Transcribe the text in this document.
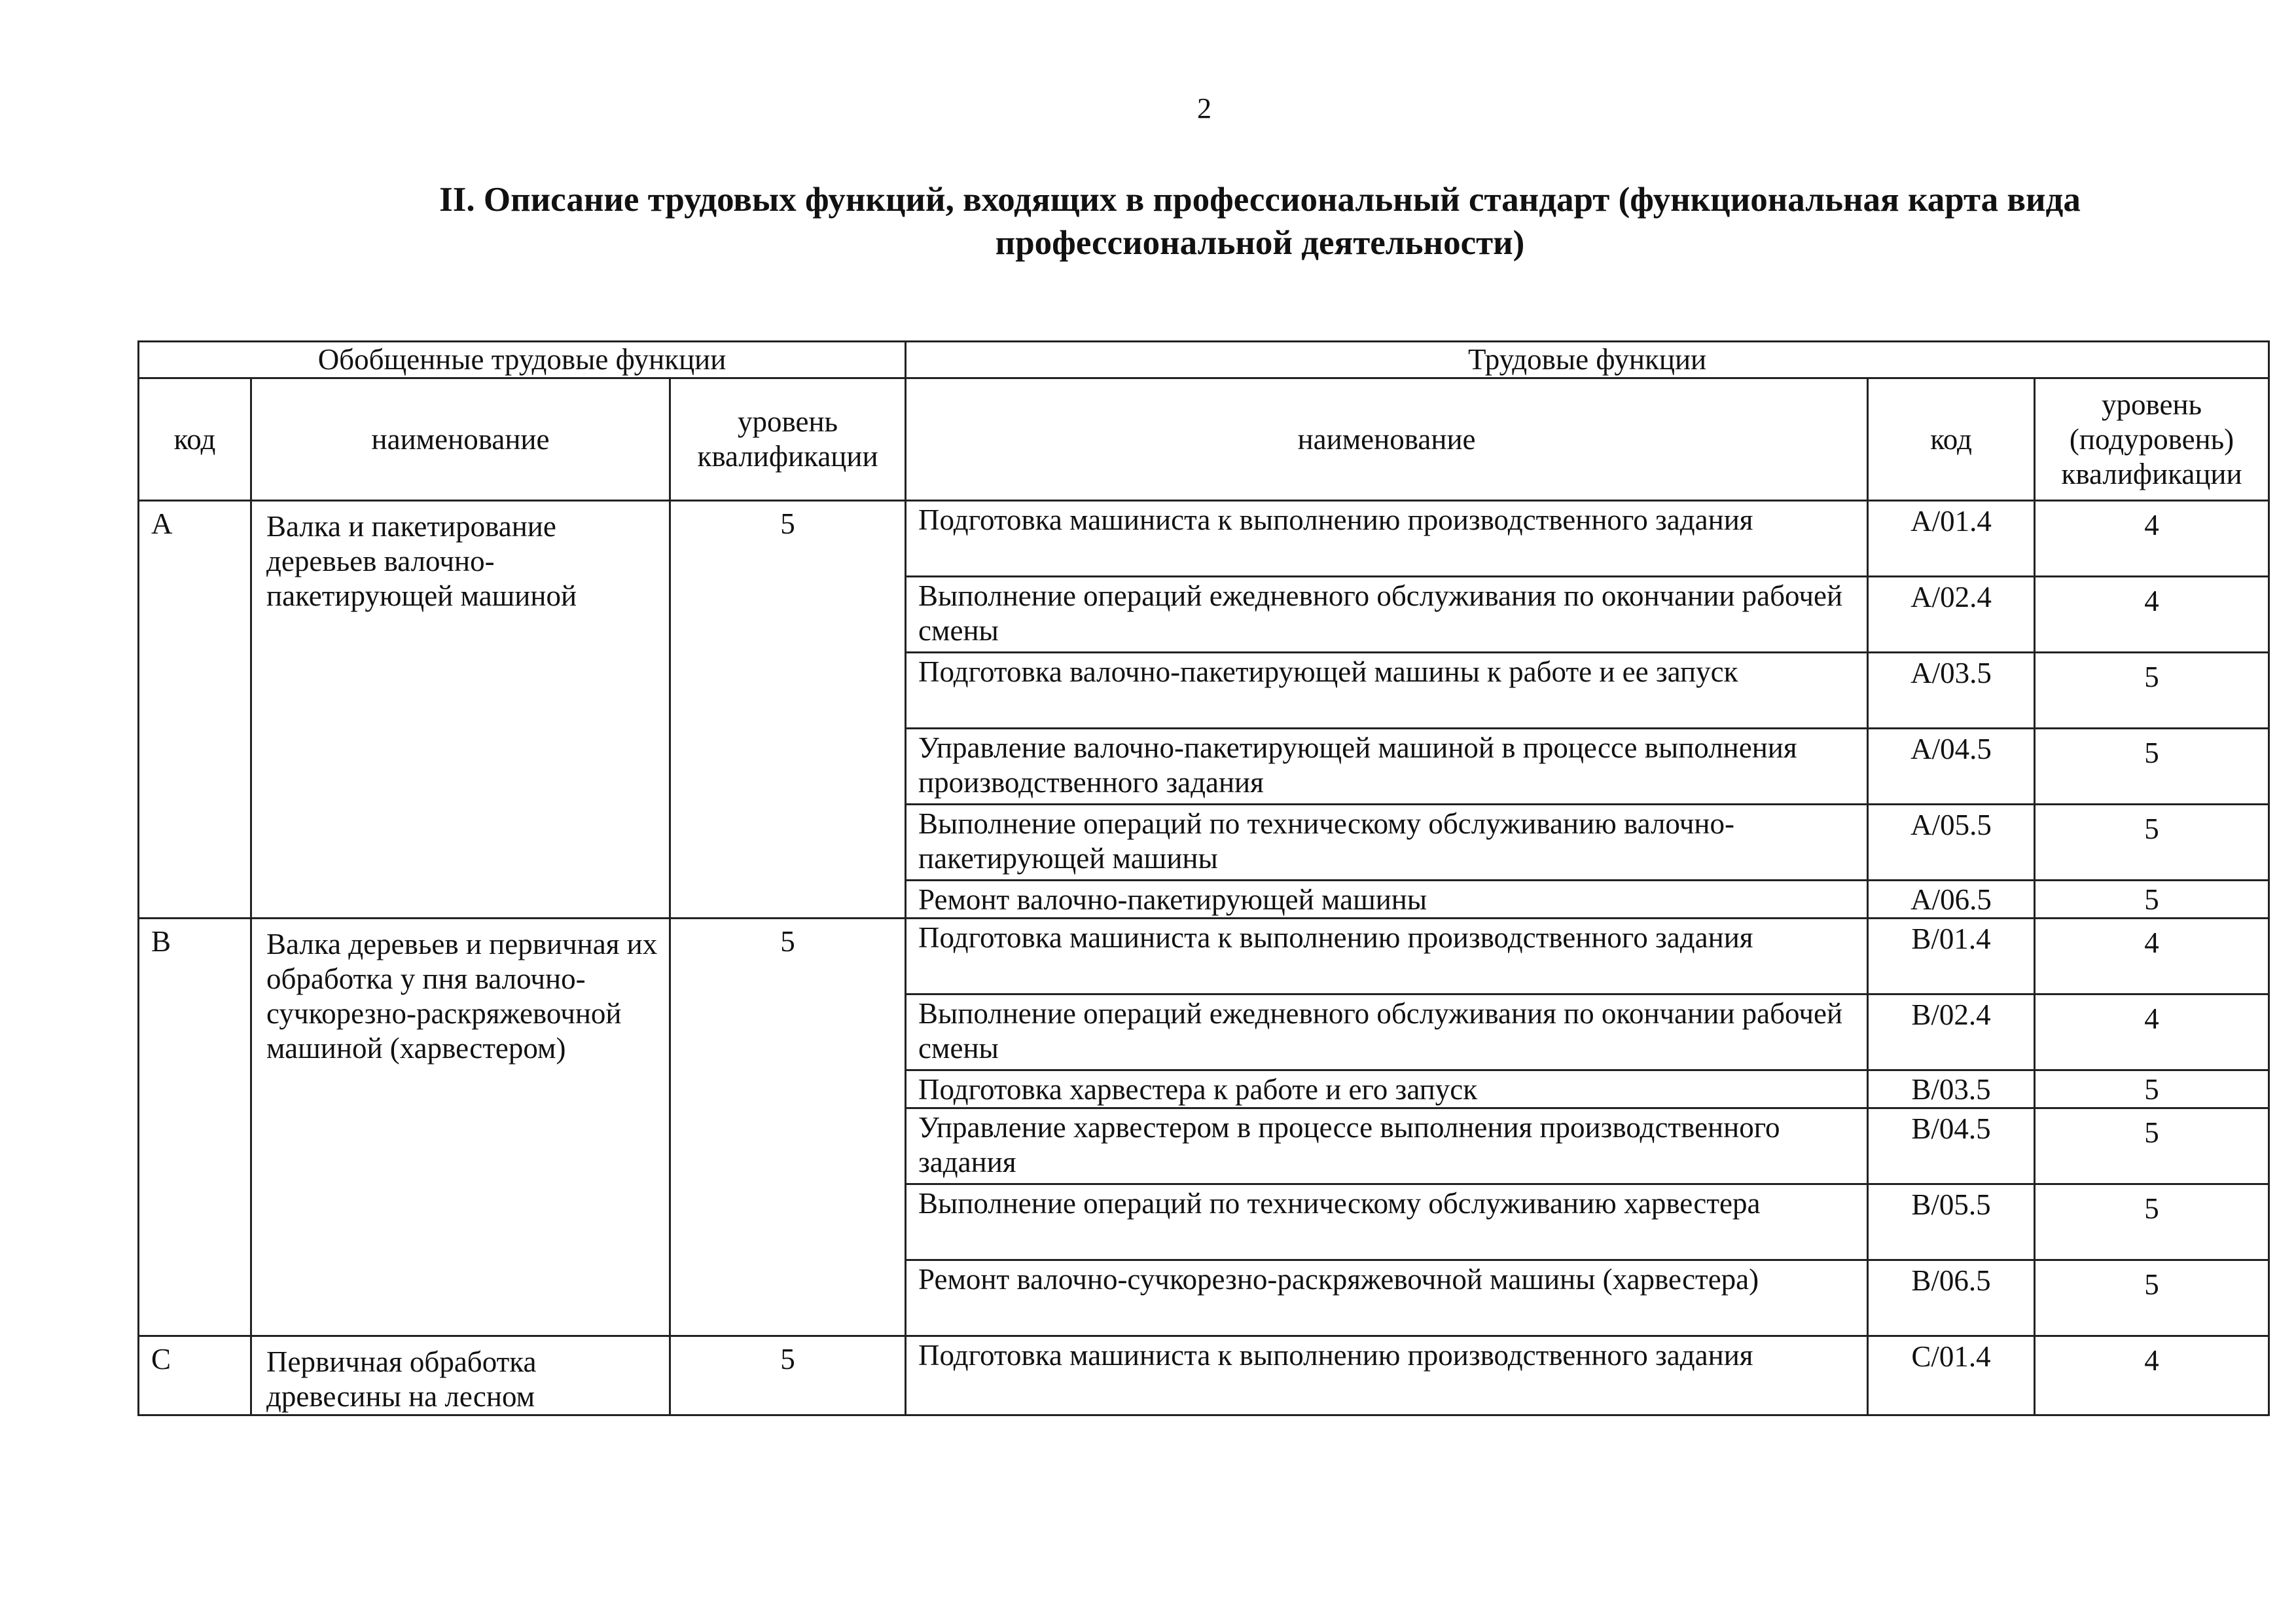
2
II. Описание трудовых функций, входящих в профессиональный стандарт (функциональная карта вида профессиональной деятельности)
Обобщенные трудовые функции			Трудовые функции		
код	наименование	уровень квалификации	наименование	код	уровень (подуровень) квалификации
A	Валка и пакетирование деревьев валочно-пакетирующей машиной	5	Подготовка машиниста к выполнению производственного задания	A/01.4	4
			Выполнение операций ежедневного обслуживания по окончании рабочей смены	A/02.4	4
			Подготовка валочно-пакетирующей машины к работе и ее запуск	A/03.5	5
			Управление валочно-пакетирующей машиной в процессе выполнения производственного задания	A/04.5	5
			Выполнение операций по техническому обслуживанию валочно-пакетирующей машины	A/05.5	5
			Ремонт валочно-пакетирующей машины	A/06.5	5
B	Валка деревьев и первичная их обработка у пня валочно-сучкорезно-раскряжевочной машиной (харвестером)	5	Подготовка машиниста к выполнению производственного задания	B/01.4	4
			Выполнение операций ежедневного обслуживания по окончании рабочей смены	B/02.4	4
			Подготовка харвестера к работе и его запуск	B/03.5	5
			Управление харвестером в процессе выполнения производственного задания	B/04.5	5
			Выполнение операций по техническому обслуживанию харвестера	B/05.5	5
			Ремонт валочно-сучкорезно-раскряжевочной машины (харвестера)	B/06.5	5
C	Первичная обработка древесины на лесном	5	Подготовка машиниста к выполнению производственного задания	C/01.4	4
